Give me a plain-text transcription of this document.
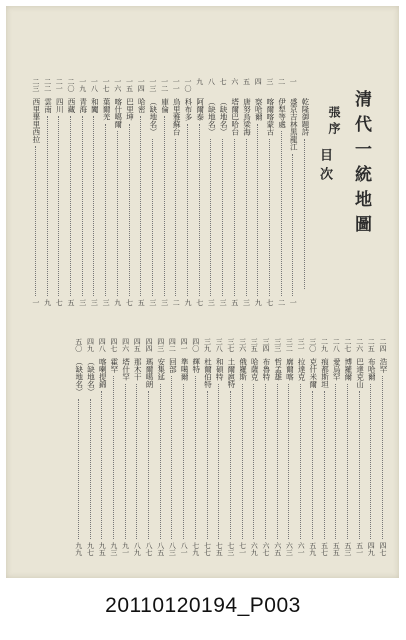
清代一統地圖
目次
張序
乾隆御題詩
一
盛京吉林黑龍江
一
二
伊犁等處
二
三
喀爾喀蒙古
七
四
察哈爾
九
五
唐努烏梁海
三
六
塔爾巴哈台
五
七
（缺地名）
三
八
（缺地名）
三
九
阿爾泰
七
一〇
科布多
九
一一
烏里雅蘇台
二
一二
庫倫
三
一三
（缺地名）
三
一四
哈密
五
一五
巴里坤
七
一六
喀什噶爾
九
一七
葉爾羌
三
一八
和闐
三
一九
青海
三
二〇
西藏
五
二一
四川
七
二二
雲南
九
二三
西里畢里西拉
一
二四
浩罕
四七
二五
布哈爾
四九
二六
巴達克山
五一
二七
博羅爾
五三
二八
愛烏罕
五五
二九
痕都斯坦
五七
三〇
克什米爾
五九
三一
拉達克
六一
三二
廓爾喀
六三
三三
哲孟雄
六五
三四
布魯特
六七
三五
哈薩克
六九
三六
俄羅斯
七一
三七
土爾扈特
七三
三八
和碩特
七五
三九
杜爾伯特
七七
四〇
輝特
七九
四一
準噶爾
八一
四二
回部
八三
四三
安集延
八五
四四
瑪爾噶朗
八七
四五
那木干
八九
四六
塔什罕
九一
四七
霍罕
九三
四八
喀喇提錦
九五
四九
（缺地名）
九七
五〇
（缺地名）
九九
20110120194_P003
